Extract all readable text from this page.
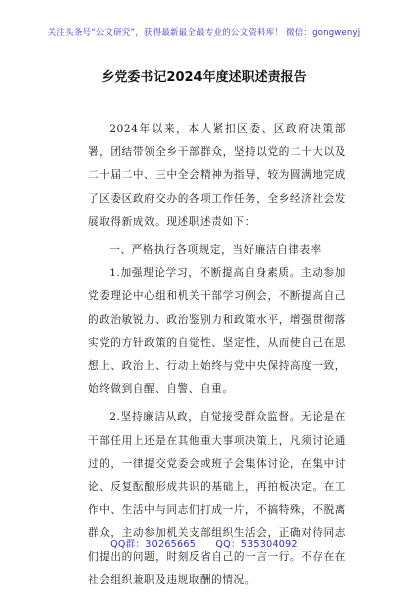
关注头条号“公文研究”，获得最新最全最专业的公文资料库！ 微信：gongwenyj
乡党委书记2024年度述职述责报告

2024年以来，本人紧扣区委、区政府决策部署，团结带领全乡干部群众，坚持以党的二十大以及二十届二中、三中全会精神为指导，较为圆满地完成了区委区政府交办的各项工作任务，全乡经济社会发展取得新成效。现述职述责如下：

一、严格执行各项规定，当好廉洁自律表率

1.加强理论学习，不断提高自身素质。主动参加党委理论中心组和机关干部学习例会，不断提高自己的政治敏锐力、政治鉴别力和政策水平，增强贯彻落实党的方针政策的自觉性、坚定性，从而使自己在思想上、政治上、行动上始终与党中央保持高度一致，始终做到自醒、自警、自重。

2.坚持廉洁从政，自觉接受群众监督。无论是在干部任用上还是在其他重大事项决策上，凡须讨论通过的，一律提交党委会或班子会集体讨论，在集中讨论、反复酝酿形成共识的基础上，再拍板决定。在工作中、生活中与同志们打成一片，不搞特殊，不脱离群众，主动参加机关支部组织生活会，正确对待同志们提出的问题，时刻反省自己的一言一行。不存在在社会组织兼职及违规取酬的情况。

QQ群：30265665 QQ：535304092
